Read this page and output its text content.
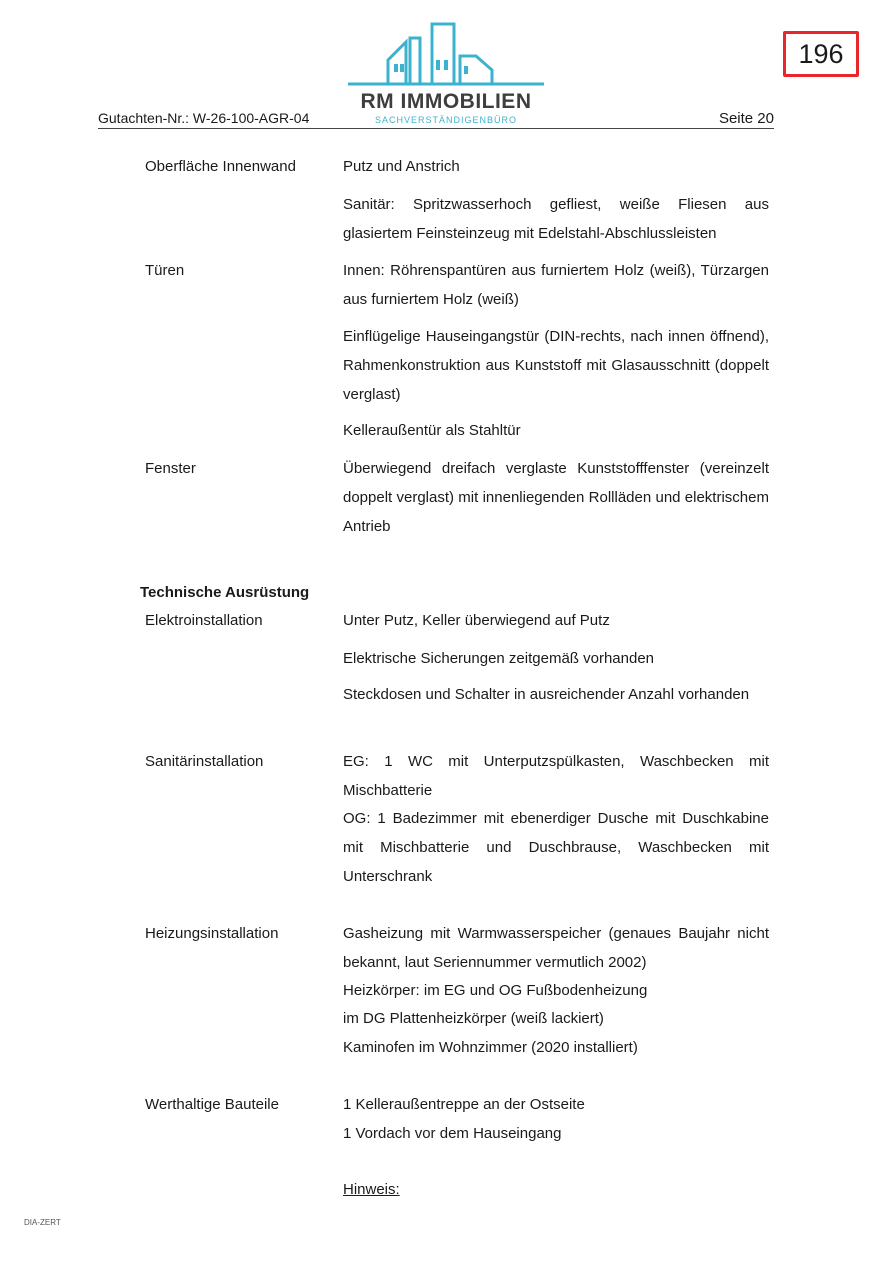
Gutachten-Nr.: W-26-100-AGR-04	Seite 20
RM IMMOBILIEN
SACHVERSTÄNDIGENBÜRO
196
Oberfläche Innenwand	Putz und Anstrich
Sanitär: Spritzwasserhoch gefliest, weiße Fliesen aus glasiertem Feinsteinzeug mit Edelstahl-Abschlussleisten
Türen	Innen: Röhrenspantüren aus furniertem Holz (weiß), Türzargen aus furniertem Holz (weiß)
Einflügelige Hauseingangstür (DIN-rechts, nach innen öffnend), Rahmenkonstruktion aus Kunststoff mit Glasausschnitt (doppelt verglast)
Kelleraußentür als Stahltür
Fenster	Überwiegend dreifach verglaste Kunststofffenster (vereinzelt doppelt verglast) mit innenliegenden Rollläden und elektrischem Antrieb
Technische Ausrüstung
Elektroinstallation	Unter Putz, Keller überwiegend auf Putz
Elektrische Sicherungen zeitgemäß vorhanden
Steckdosen und Schalter in ausreichender Anzahl vorhanden
Sanitärinstallation	EG: 1 WC mit Unterputzspülkasten, Waschbecken mit Mischbatterie
OG: 1 Badezimmer mit ebenerdiger Dusche mit Duschkabine mit Mischbatterie und Duschbrause, Waschbecken mit Unterschrank
Heizungsinstallation	Gasheizung mit Warmwasserspeicher (genaues Baujahr nicht bekannt, laut Seriennummer vermutlich 2002)
Heizkörper: im EG und OG Fußbodenheizung
im DG Plattenheizkörper (weiß lackiert)
Kaminofen im Wohnzimmer (2020 installiert)
Werthaltige Bauteile	1 Kelleraußentreppe an der Ostseite
1 Vordach vor dem Hauseingang
Hinweis:
DIA-ZERT
